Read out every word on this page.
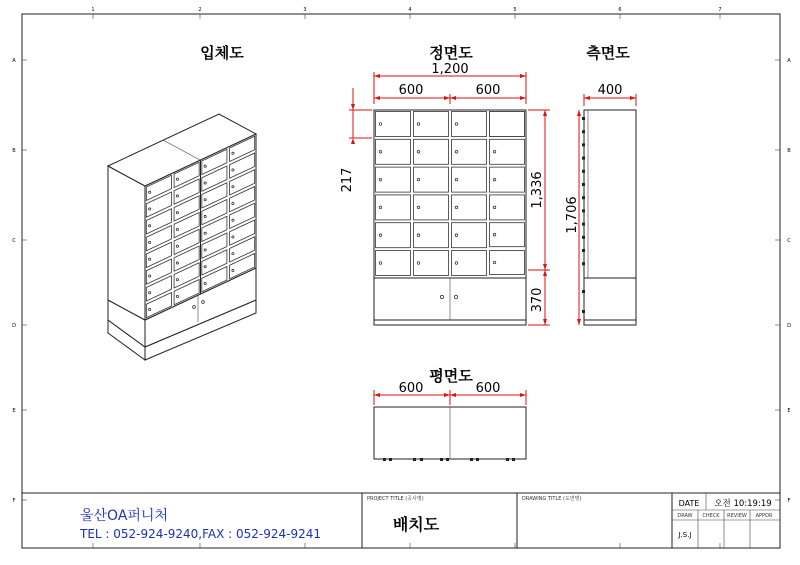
1	2	3	4	5	6	7
A	A
B	B
C	C
D	D
E	E
F	F
입체도	정면도
1,200
600	600
217	1,336
370
측면도
400
1,706
평면도
600	600
울산OA퍼니처
TEL : 052-924-9240,FAX : 052-924-9241
PROJECT TITLE (공사명)
배치도
DRAWING TITLE (도면명)	DATE 오전 10:19:19
DRAW CHECK REVIEW APPOR
J.S.J
